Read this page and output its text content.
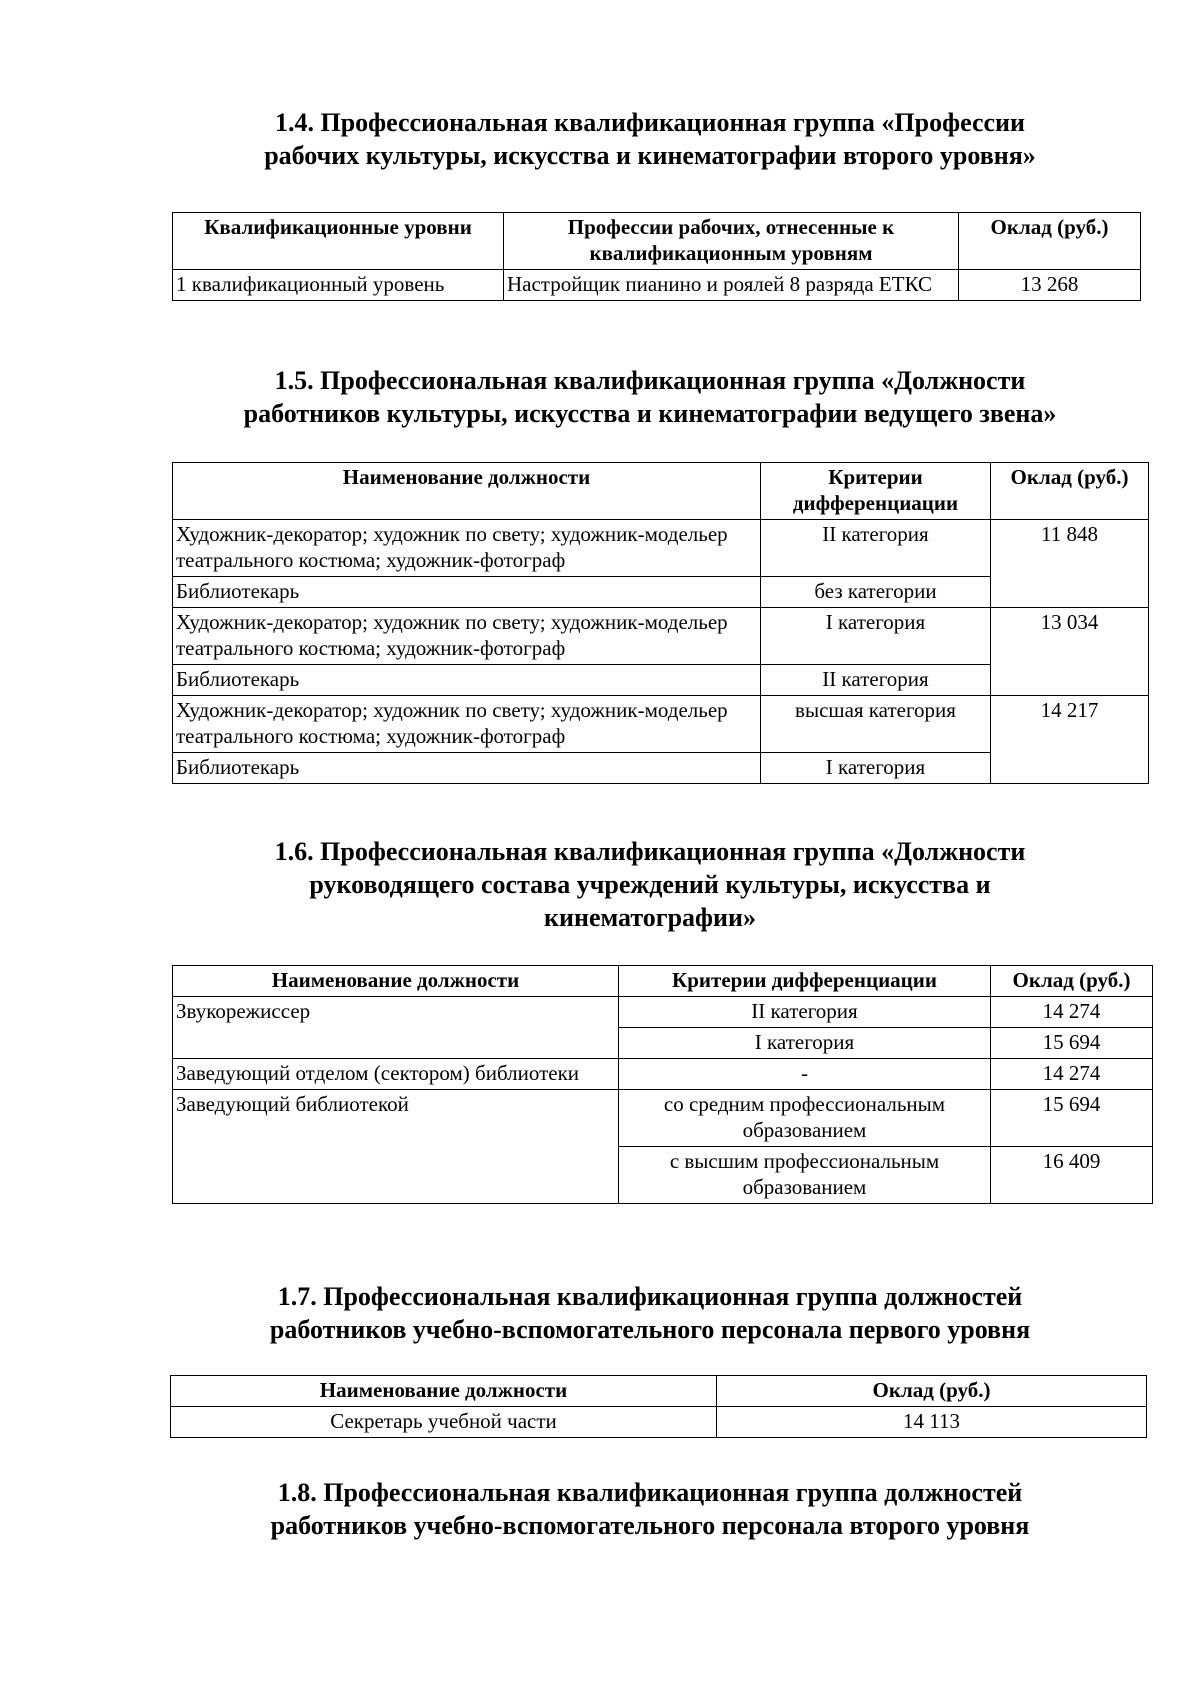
1.4. Профессиональная квалификационная группа «Профессии
рабочих культуры, искусства и кинематографии второго уровня»
Квалификационные уровни	Профессии рабочих, отнесенные к квалификационным уровням	Оклад (руб.)
1 квалификационный уровень	Настройщик пианино и роялей 8 разряда ЕТКС	13 268
1.5. Профессиональная квалификационная группа «Должности
работников культуры, искусства и кинематографии ведущего звена»
Наименование должности	Критерии дифференциации	Оклад (руб.)
Художник-декоратор; художник по свету; художник-модельер театрального костюма; художник-фотограф	II категория	11 848
Библиотекарь	без категории	
Художник-декоратор; художник по свету; художник-модельер театрального костюма; художник-фотограф	I категория	13 034
Библиотекарь	II категория	
Художник-декоратор; художник по свету; художник-модельер театрального костюма; художник-фотограф	высшая категория	14 217
Библиотекарь	I категория	
1.6. Профессиональная квалификационная группа «Должности
руководящего состава учреждений культуры, искусства и
кинематографии»
Наименование должности	Критерии дифференциации	Оклад (руб.)
Звукорежиссер	II категория	14 274
	I категория	15 694
Заведующий отделом (сектором) библиотеки	-	14 274
Заведующий библиотекой	со средним профессиональным образованием	15 694
	с высшим профессиональным образованием	16 409
1.7. Профессиональная квалификационная группа должностей
работников учебно-вспомогательного персонала первого уровня
Наименование должности	Оклад (руб.)
Секретарь учебной части	14 113
1.8. Профессиональная квалификационная группа должностей
работников учебно-вспомогательного персонала второго уровня
